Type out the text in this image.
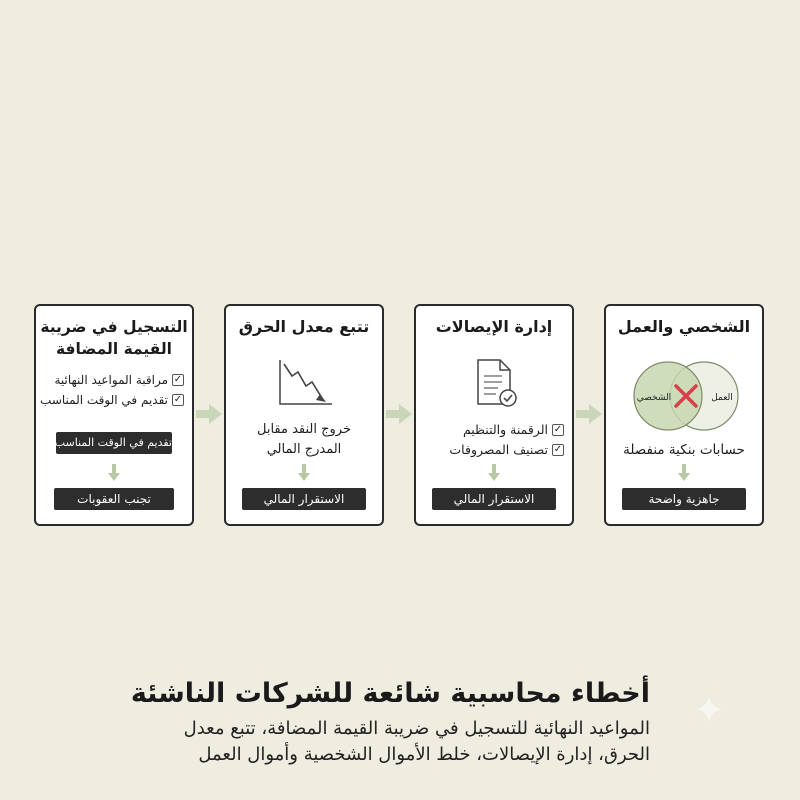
الشخصي والعمل
الشخصي	العمل
حسابات بنكية منفصلة
جاهزية واضحة
إدارة الإيصالات
✓
الرقمنة والتنظيم
✓
تصنيف المصروفات
الاستقرار المالي
تتبع معدل الحرق
خروج النقد مقابل المدرج المالي
الاستقرار المالي
التسجيل في ضريبة القيمة المضافة
✓
مراقبة المواعيد النهائية
✓
تقديم في الوقت المناسب
تقديم في الوقت المناسب
تجنب العقوبات
أخطاء محاسبية شائعة للشركات الناشئة
المواعيد النهائية للتسجيل في ضريبة القيمة المضافة، تتبع معدل الحرق، إدارة الإيصالات، خلط الأموال الشخصية وأموال العمل
